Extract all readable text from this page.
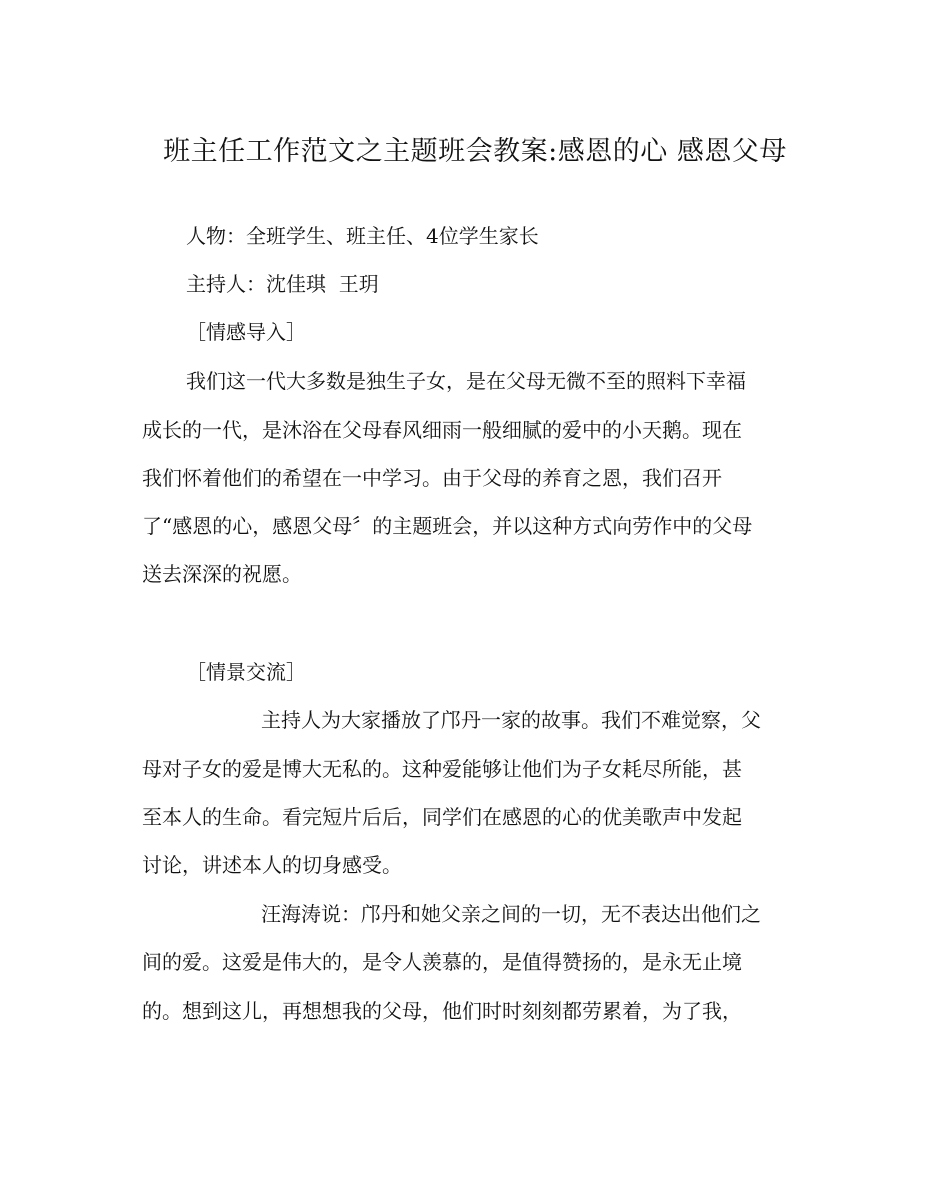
班主任工作范文之主题班会教案:感恩的心 感恩父母
人物：全班学生、班主任、4位学生家长
主持人：沈佳琪  王玥
［情感导入］
我们这一代大多数是独生子女，是在父母无微不至的照料下幸福
成长的一代，是沐浴在父母春风细雨一般细腻的爱中的小天鹅。现在
我们怀着他们的希望在一中学习。由于父母的养育之恩，我们召开
了“感恩的心，感恩父母〞的主题班会，并以这种方式向劳作中的父母
送去深深的祝愿。
［情景交流］
主持人为大家播放了邝丹一家的故事。我们不难觉察，父
母对子女的爱是博大无私的。这种爱能够让他们为子女耗尽所能，甚
至本人的生命。看完短片后后，同学们在感恩的心的优美歌声中发起
讨论，讲述本人的切身感受。
汪海涛说：邝丹和她父亲之间的一切，无不表达出他们之
间的爱。这爱是伟大的，是令人羡慕的，是值得赞扬的，是永无止境
的。想到这儿，再想想我的父母，他们时时刻刻都劳累着，为了我，
